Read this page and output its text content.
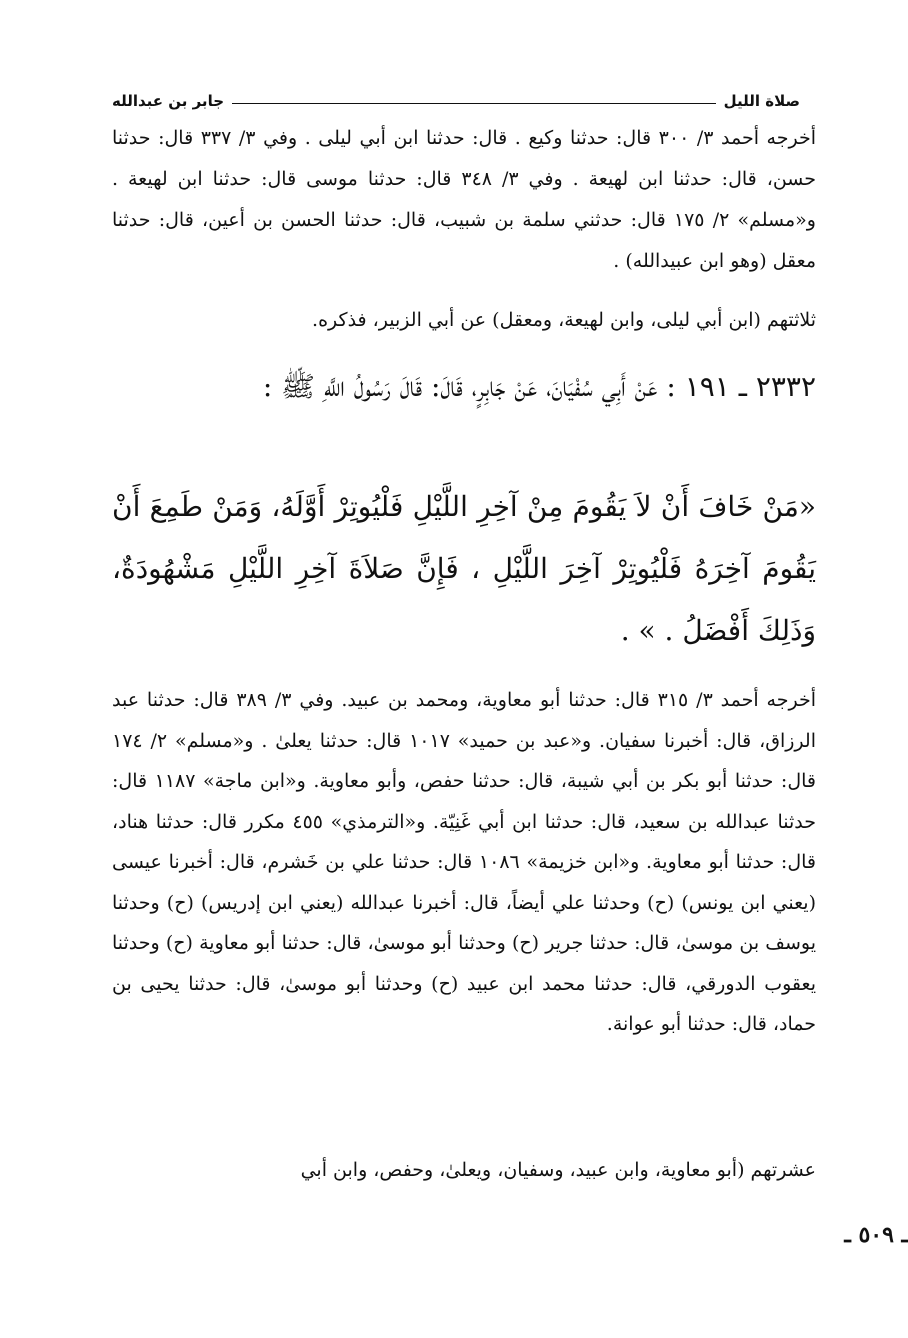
صلاة الليل
جابر بن عبدالله

أخرجه أحمد ٣/ ٣٠٠ قال: حدثنا وكيع . قال: حدثنا ابن أبي ليلى . وفي ٣/ ٣٣٧ قال: حدثنا حسن، قال: حدثنا ابن لهيعة . وفي ٣/ ٣٤٨ قال: حدثنا موسى قال: حدثنا ابن لهيعة . و«مسلم» ٢/ ١٧٥ قال: حدثني سلمة بن شبيب، قال: حدثنا الحسن بن أعين، قال: حدثنا معقل (وهو ابن عبيدالله) .

ثلاثتهم (ابن أبي ليلى، وابن لهيعة، ومعقل) عن أبي الزبير، فذكره.

٢٣٣٢ ـ ١٩١ : عَنْ أَبِي سُفْيَانَ، عَنْ جَابِرٍ، قَالَ: قَالَ رَسُولُ اللَّهِ ﷺ :

«مَنْ خَافَ أَنْ لاَ يَقُومَ مِنْ آخِرِ اللَّيْلِ فَلْيُوتِرْ أَوَّلَهُ، وَمَنْ طَمِعَ أَنْ يَقُومَ آخِرَهُ فَلْيُوتِرْ آخِرَ اللَّيْلِ ، فَإِنَّ صَلاَةَ آخِرِ اللَّيْلِ مَشْهُودَةٌ، وَذَلِكَ أَفْضَلُ . » .

أخرجه أحمد ٣/ ٣١٥ قال: حدثنا أبو معاوية، ومحمد بن عبيد. وفي ٣/ ٣٨٩ قال: حدثنا عبد الرزاق، قال: أخبرنا سفيان. و«عبد بن حميد» ١٠١٧ قال: حدثنا يعلىٰ . و«مسلم» ٢/ ١٧٤ قال: حدثنا أبو بكر بن أبي شيبة، قال: حدثنا حفص، وأبو معاوية. و«ابن ماجة» ١١٨٧ قال: حدثنا عبدالله بن سعيد، قال: حدثنا ابن أبي غَنِيّة. و«الترمذي» ٤٥٥ مكرر قال: حدثنا هناد، قال: حدثنا أبو معاوية. و«ابن خزيمة» ١٠٨٦ قال: حدثنا علي بن خَشرم، قال: أخبرنا عيسى (يعني ابن يونس) (ح) وحدثنا علي أيضاً، قال: أخبرنا عبدالله (يعني ابن إدريس) (ح) وحدثنا يوسف بن موسىٰ، قال: حدثنا جرير (ح) وحدثنا أبو موسىٰ، قال: حدثنا أبو معاوية (ح) وحدثنا يعقوب الدورقي، قال: حدثنا محمد ابن عبيد (ح) وحدثنا أبو موسىٰ، قال: حدثنا يحيى بن حماد، قال: حدثنا أبو عوانة.

عشرتهم (أبو معاوية، وابن عبيد، وسفيان، ويعلىٰ، وحفص، وابن أبي

ـ ٥٠٩ ـ
